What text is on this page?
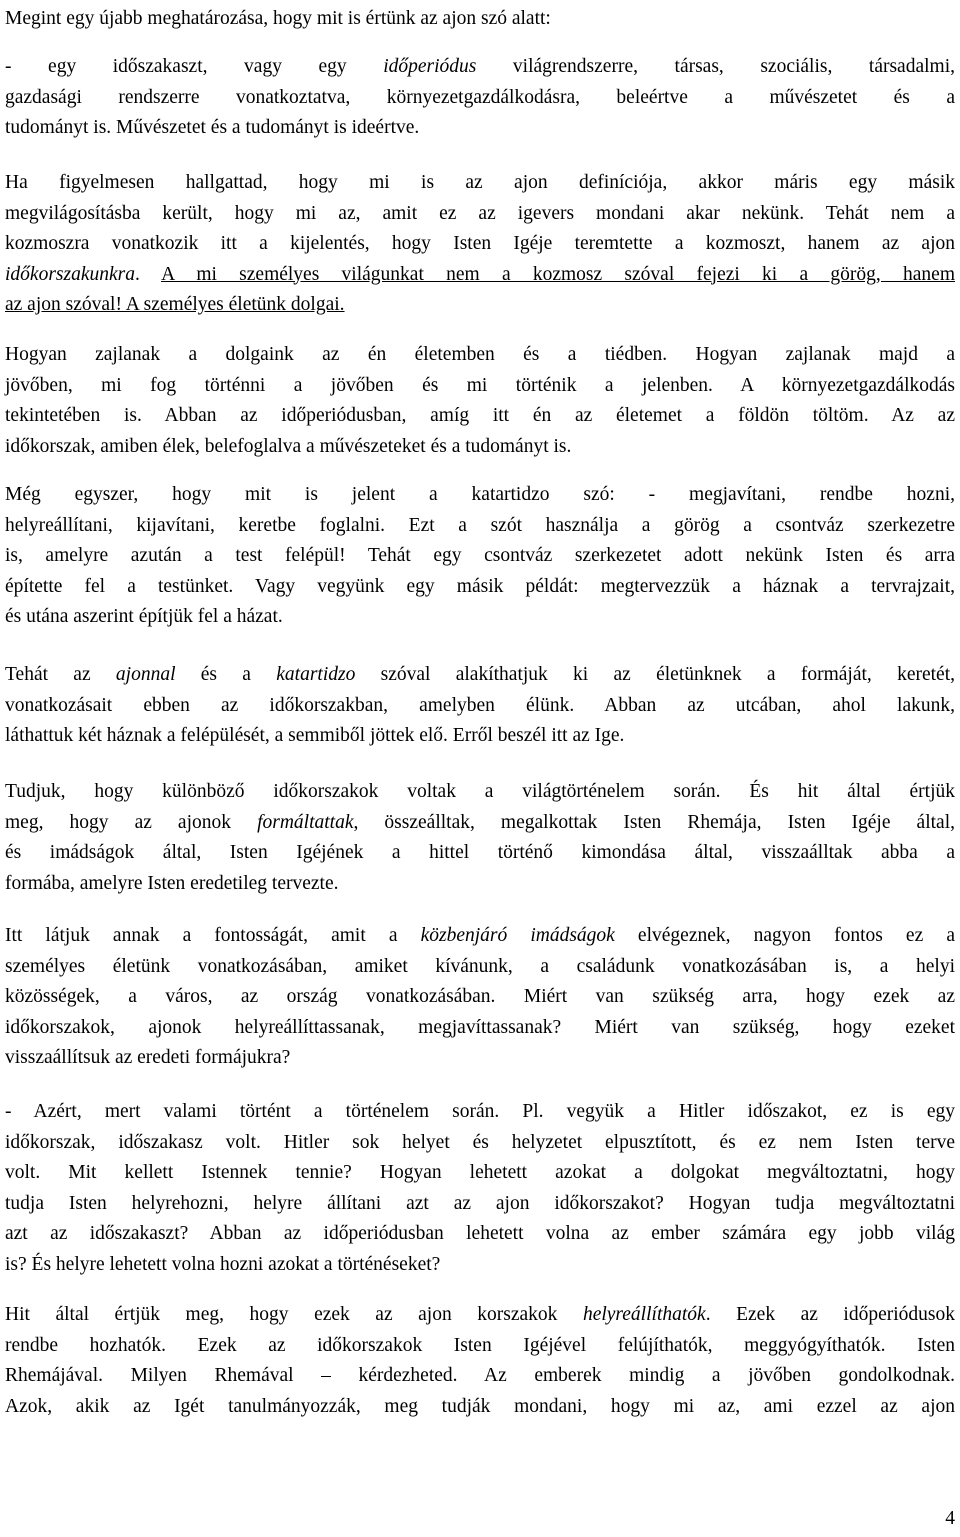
Megint egy újabb meghatározása, hogy mit is értünk az ajon szó alatt:
- egy időszakaszt, vagy egy időperiódus világrendszerre, társas, szociális, társadalmi,
gazdasági rendszerre vonatkoztatva, környezetgazdálkodásra, beleértve a művészetet és a
tudományt is. Művészetet és a tudományt is ideértve.
Ha figyelmesen hallgattad, hogy mi is az ajon definíciója, akkor máris egy másik
megvilágosításba került, hogy mi az, amit ez az igevers mondani akar nekünk. Tehát nem a
kozmoszra vonatkozik itt a kijelentés, hogy Isten Igéje teremtette a kozmoszt, hanem az ajon
időkorszakunkra. A mi személyes világunkat nem a kozmosz szóval fejezi ki a görög, hanem
az ajon szóval! A személyes életünk dolgai.
Hogyan zajlanak a dolgaink az én életemben és a tiédben. Hogyan zajlanak majd a
jövőben, mi fog történni a jövőben és mi történik a jelenben. A környezetgazdálkodás
tekintetében is. Abban az időperiódusban, amíg itt én az életemet a földön töltöm. Az az
időkorszak, amiben élek, belefoglalva a művészeteket és a tudományt is.
Még egyszer, hogy mit is jelent a katartidzo szó: - megjavítani, rendbe hozni,
helyreállítani, kijavítani, keretbe foglalni. Ezt a szót használja a görög a csontváz szerkezetre
is, amelyre azután a test felépül! Tehát egy csontváz szerkezetet adott nekünk Isten és arra
építette fel a testünket. Vagy vegyünk egy másik példát: megtervezzük a háznak a tervrajzait,
és utána aszerint építjük fel a házat.
Tehát az ajonnal és a katartidzo szóval alakíthatjuk ki az életünknek a formáját, keretét,
vonatkozásait ebben az időkorszakban, amelyben élünk. Abban az utcában, ahol lakunk,
láthattuk két háznak a felépülését, a semmiből jöttek elő. Erről beszél itt az Ige.
Tudjuk, hogy különböző időkorszakok voltak a világtörténelem során. És hit által értjük
meg, hogy az ajonok formáltattak, összeálltak, megalkottak Isten Rhemája, Isten Igéje által,
és imádságok által, Isten Igéjének a hittel történő kimondása által, visszaálltak abba a
formába, amelyre Isten eredetileg tervezte.
Itt látjuk annak a fontosságát, amit a közbenjáró imádságok elvégeznek, nagyon fontos ez a
személyes életünk vonatkozásában, amiket kívánunk, a családunk vonatkozásában is, a helyi
közösségek, a város, az ország vonatkozásában. Miért van szükség arra, hogy ezek az
időkorszakok, ajonok helyreállíttassanak, megjavíttassanak? Miért van szükség, hogy ezeket
visszaállítsuk az eredeti formájukra?
- Azért, mert valami történt a történelem során. Pl. vegyük a Hitler időszakot, ez is egy
időkorszak, időszakasz volt. Hitler sok helyet és helyzetet elpusztított, és ez nem Isten terve
volt. Mit kellett Istennek tennie? Hogyan lehetett azokat a dolgokat megváltoztatni, hogy
tudja Isten helyrehozni, helyre állítani azt az ajon időkorszakot? Hogyan tudja megváltoztatni
azt az időszakaszt? Abban az időperiódusban lehetett volna az ember számára egy jobb világ
is? És helyre lehetett volna hozni azokat a történéseket?
Hit által értjük meg, hogy ezek az ajon korszakok helyreállíthatók. Ezek az időperiódusok
rendbe hozhatók. Ezek az időkorszakok Isten Igéjével felújíthatók, meggyógyíthatók. Isten
Rhemájával. Milyen Rhemával – kérdezheted. Az emberek mindig a jövőben gondolkodnak.
Azok, akik az Igét tanulmányozzák, meg tudják mondani, hogy mi az, ami ezzel az ajon
4
